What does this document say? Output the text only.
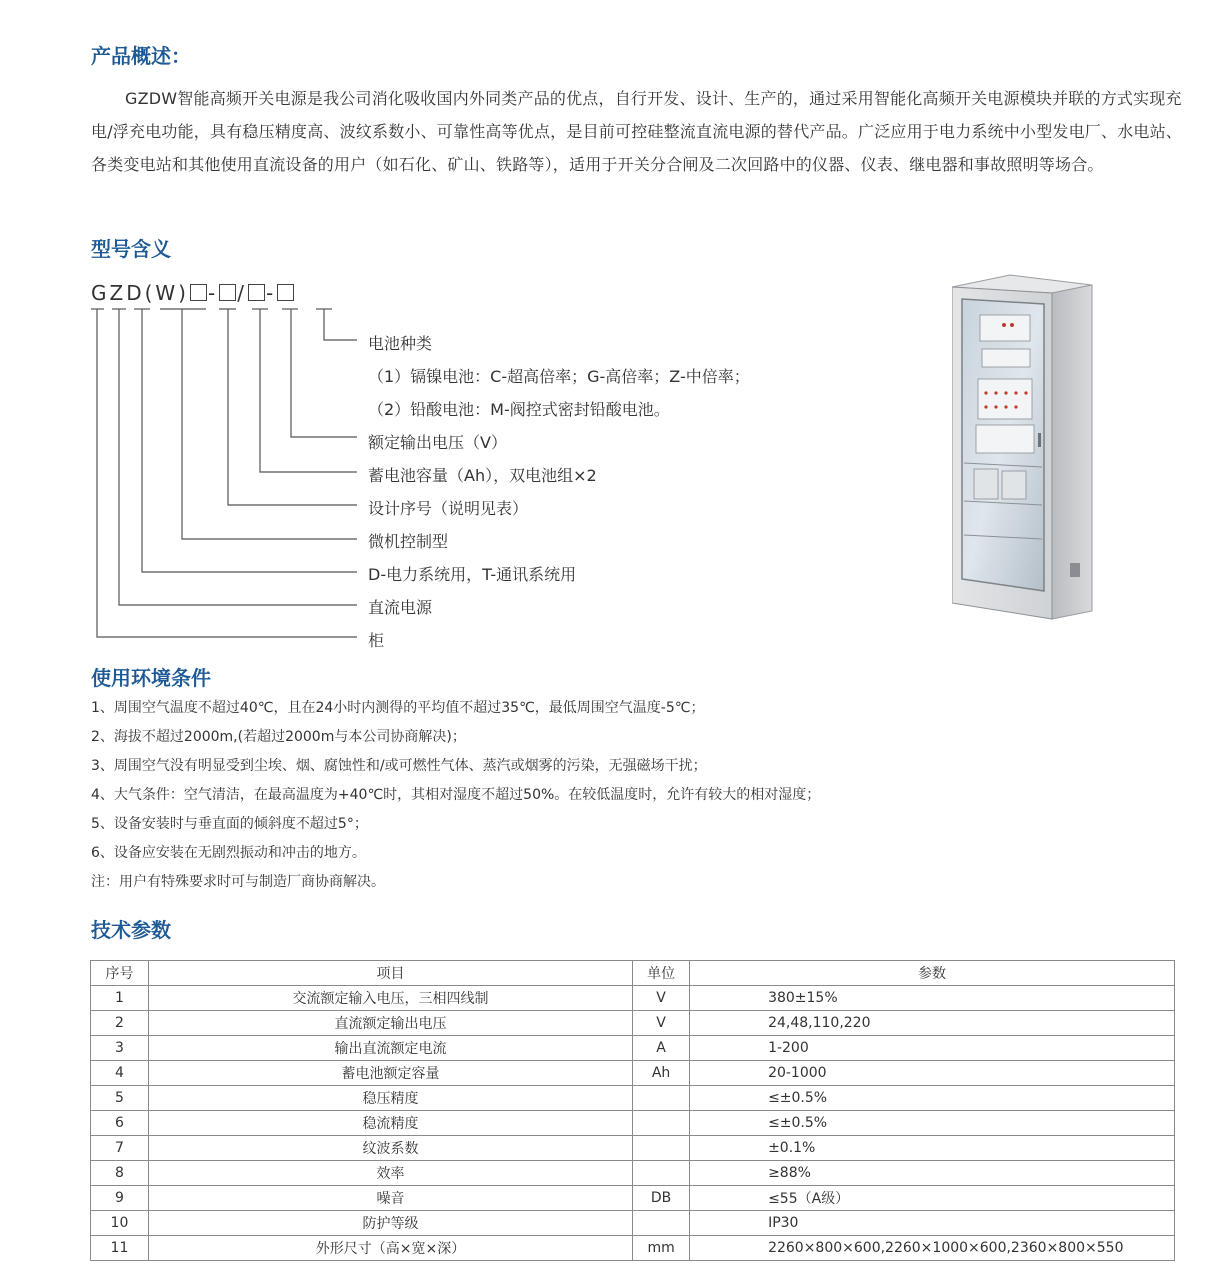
产品概述：

GZDW智能高频开关电源是我公司消化吸收国内外同类产品的优点，自行开发、设计、生产的，通过采用智能化高频开关电源模块并联的方式实现充电/浮充电功能，具有稳压精度高、波纹系数小、可靠性高等优点，是目前可控硅整流直流电源的替代产品。广泛应用于电力系统中小型发电厂、水电站、各类变电站和其他使用直流设备的用户（如石化、矿山、铁路等），适用于开关分合闸及二次回路中的仪器、仪表、继电器和事故照明等场合。

型号含义

GZD(W) - / -

电池种类

（1）镉镍电池：C-超高倍率；G-高倍率；Z-中倍率；

（2）铅酸电池：M-阀控式密封铅酸电池。

额定输出电压（V）

蓄电池容量（Ah），双电池组×2

设计序号（说明见表）

微机控制型

D-电力系统用，T-通讯系统用

直流电源

柜

使用环境条件

1、周围空气温度不超过40℃，且在24小时内测得的平均值不超过35℃，最低周围空气温度-5℃；

2、海拔不超过2000m,(若超过2000m与本公司协商解决)；

3、周围空气没有明显受到尘埃、烟、腐蚀性和/或可燃性气体、蒸汽或烟雾的污染，无强磁场干扰；

4、大气条件：空气清洁，在最高温度为+40℃时，其相对湿度不超过50%。在较低温度时，允许有较大的相对湿度；

5、设备安装时与垂直面的倾斜度不超过5°；

6、设备应安装在无剧烈振动和冲击的地方。

注：用户有特殊要求时可与制造厂商协商解决。

技术参数
序号	项目	单位	参数
1	交流额定输入电压，三相四线制	V	380±15%
2	直流额定输出电压	V	24,48,110,220
3	输出直流额定电流	A	1-200
4	蓄电池额定容量	Ah	20-1000
5	稳压精度		≤±0.5%
6	稳流精度		≤±0.5%
7	纹波系数		±0.1%
8	效率		≥88%
9	噪音	DB	≤55（A级）
10	防护等级		IP30
11	外形尺寸（高×宽×深）	mm	2260×800×600,2260×1000×600,2360×800×550
